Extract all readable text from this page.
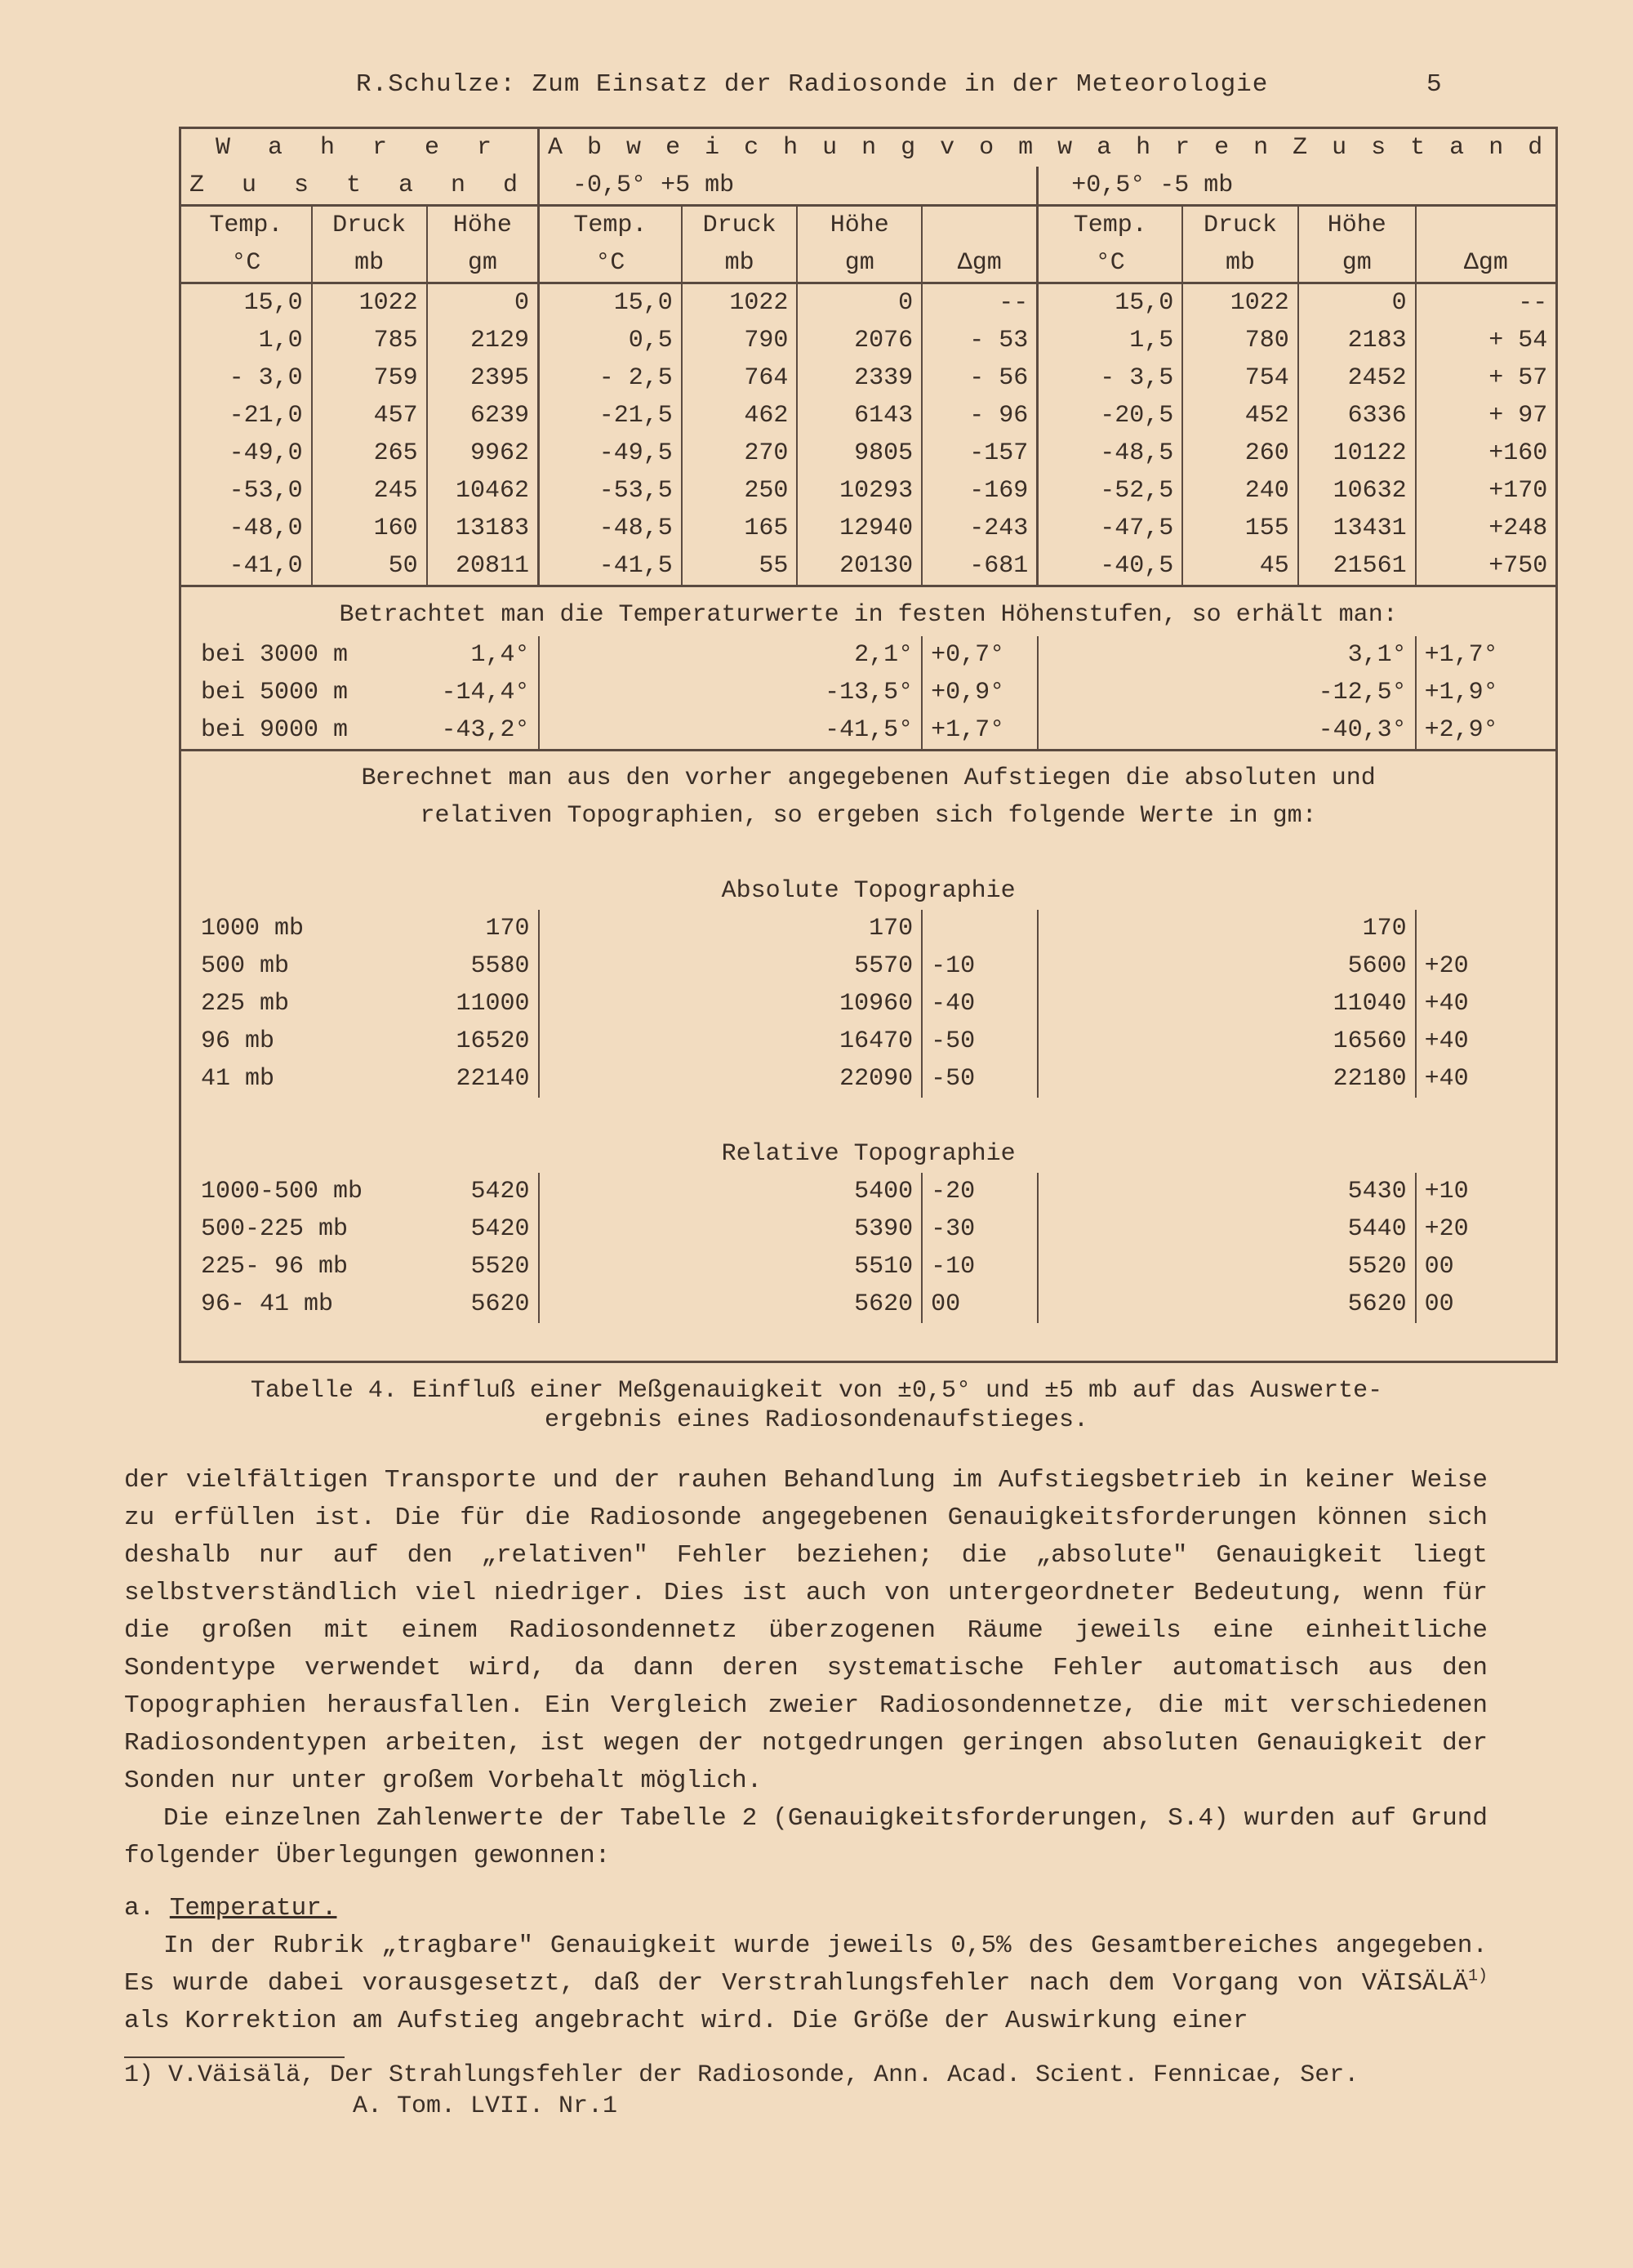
R.Schulze: Zum Einsatz der Radiosonde in der Meteorologie	5
W a h r e r			A b w e i c h u n g v o m w a h r e n Z u s t a n d							
Z u s t a n d			-0,5° +5 mb				+0,5° -5 mb			
Temp.	Druck	Höhe	Temp.	Druck	Höhe		Temp.	Druck	Höhe	
°C	mb	gm	°C	mb	gm	Δgm	°C	mb	gm	Δgm
15,0	1022	0	15,0	1022	0	--	15,0	1022	0	--
1,0	785	2129	0,5	790	2076	- 53	1,5	780	2183	+ 54
- 3,0	759	2395	- 2,5	764	2339	- 56	- 3,5	754	2452	+ 57
-21,0	457	6239	-21,5	462	6143	- 96	-20,5	452	6336	+ 97
-49,0	265	9962	-49,5	270	9805	-157	-48,5	260	10122	+160
-53,0	245	10462	-53,5	250	10293	-169	-52,5	240	10632	+170
-48,0	160	13183	-48,5	165	12940	-243	-47,5	155	13431	+248
-41,0	50	20811	-41,5	55	20130	-681	-40,5	45	21561	+750
Betrachtet man die Temperaturwerte in festen Höhenstufen, so erhält man:										
bei 3000 m		1,4°	2,1°			+0,7°	3,1°			+1,7°
bei 5000 m		-14,4°	-13,5°			+0,9°	-12,5°			+1,9°
bei 9000 m		-43,2°	-41,5°			+1,7°	-40,3°			+2,9°
Berechnet man aus den vorher angegebenen Aufstiegen die absoluten und										
relativen Topographien, so ergeben sich folgende Werte in gm:										

Absolute Topographie										
1000 mb		170	170				170			
500 mb		5580	5570			-10	5600			+20
225 mb		11000	10960			-40	11040			+40
96 mb		16520	16470			-50	16560			+40
41 mb		22140	22090			-50	22180			+40

Relative Topographie										
1000-500 mb		5420	5400			-20	5430			+10
500-225 mb		5420	5390			-30	5440			+20
225- 96 mb		5520	5510			-10	5520			00
96- 41 mb		5620	5620			00	5620			00

Tabelle 4. Einfluß einer Meßgenauigkeit von ±0,5° und ±5 mb auf das Auswerte-
ergebnis eines Radiosondenaufstieges.

der vielfältigen Transporte und der rauhen Behandlung im Aufstiegsbetrieb in keiner Weise zu erfüllen ist. Die für die Radiosonde angegebenen Genauigkeitsforderungen können sich deshalb nur auf den „relativen" Fehler beziehen; die „absolute" Genauigkeit liegt selbstverständlich viel niedriger. Dies ist auch von untergeordneter Bedeutung, wenn für die großen mit einem Radiosondennetz überzogenen Räume jeweils eine einheitliche Sondentype verwendet wird, da dann deren systematische Fehler automatisch aus den Topographien herausfallen. Ein Vergleich zweier Radiosondennetze, die mit verschiedenen Radiosondentypen arbeiten, ist wegen der notgedrungen geringen absoluten Genauigkeit der Sonden nur unter großem Vorbehalt möglich.

Die einzelnen Zahlenwerte der Tabelle 2 (Genauigkeitsforderungen, S.4) wurden auf Grund folgender Überlegungen gewonnen:

a. Temperatur.

In der Rubrik „tragbare" Genauigkeit wurde jeweils 0,5% des Gesamtbereiches angegeben. Es wurde dabei vorausgesetzt, daß der Verstrahlungsfehler nach dem Vorgang von VÄISÄLÄ$^{1)}$ als Korrektion am Aufstieg angebracht wird. Die Größe der Auswirkung einer

1) V.Väisälä, Der Strahlungsfehler der Radiosonde, Ann. Acad. Scient. Fennicae, Ser.
A. Tom. LVII. Nr.1
